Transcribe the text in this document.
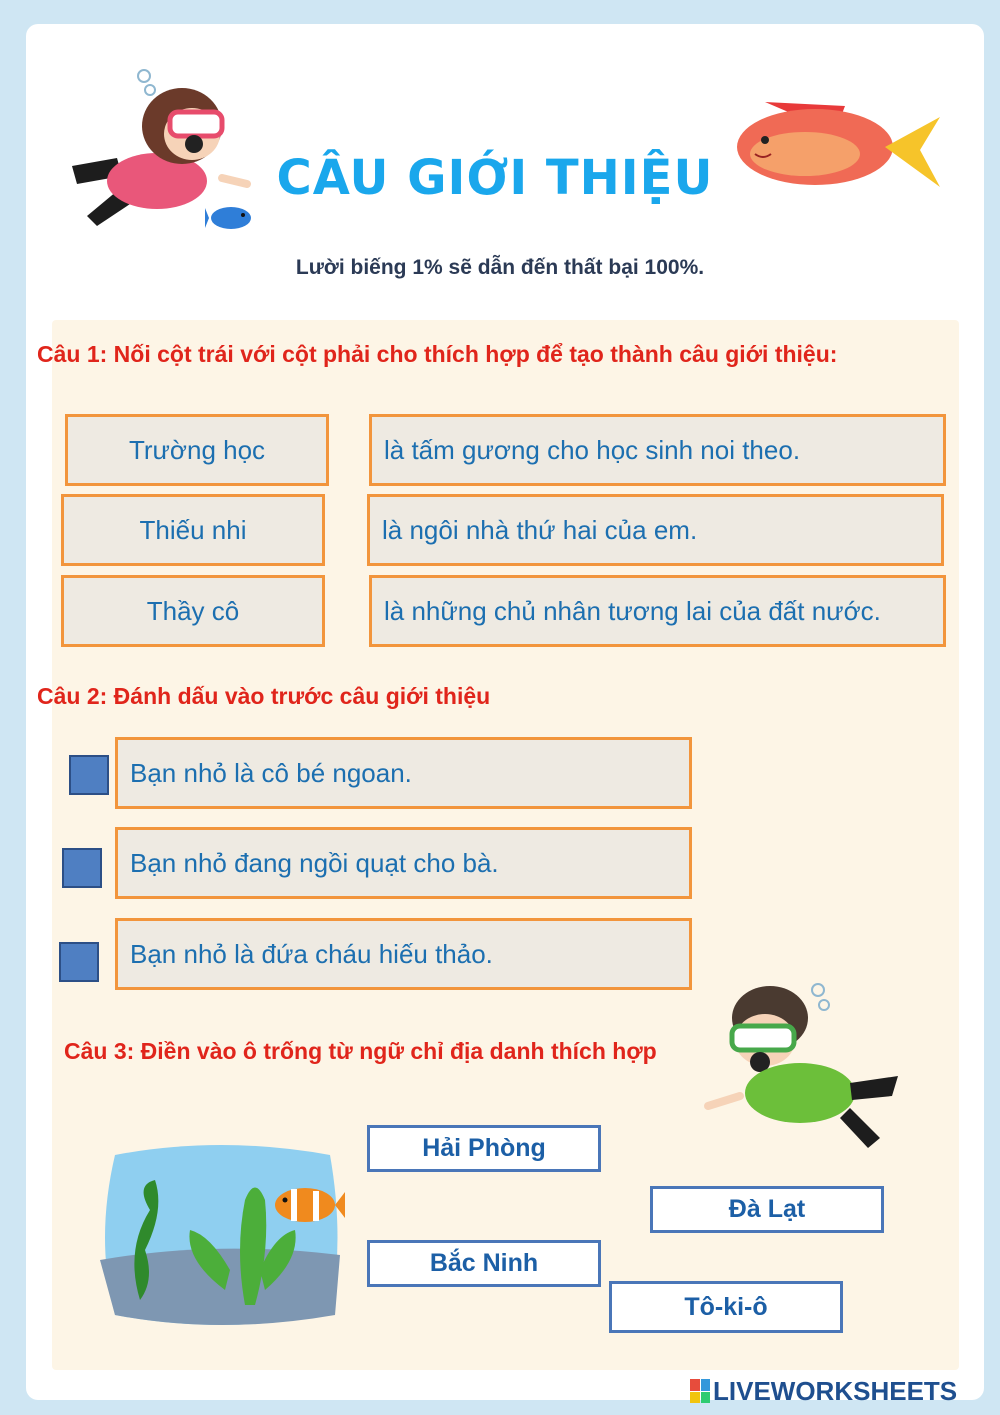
CÂU GIỚI THIỆU
Lười biếng 1% sẽ dẫn đến thất bại 100%.
Câu 1: Nối cột trái với cột phải cho thích hợp để tạo thành câu giới thiệu:
Trường học
Thiếu nhi
Thầy cô
là tấm gương cho học sinh noi theo.
là ngôi nhà thứ hai của em.
là những chủ nhân tương lai của đất nước.
Câu 2: Đánh dấu vào trước câu giới thiệu
Bạn nhỏ là cô bé ngoan.
Bạn nhỏ đang ngồi quạt cho bà.
Bạn nhỏ là đứa cháu hiếu thảo.
Câu 3: Điền vào ô trống từ ngữ chỉ địa danh thích hợp
Hải Phòng
Đà Lạt
Bắc Ninh
Tô-ki-ô
LIVEWORKSHEETS
